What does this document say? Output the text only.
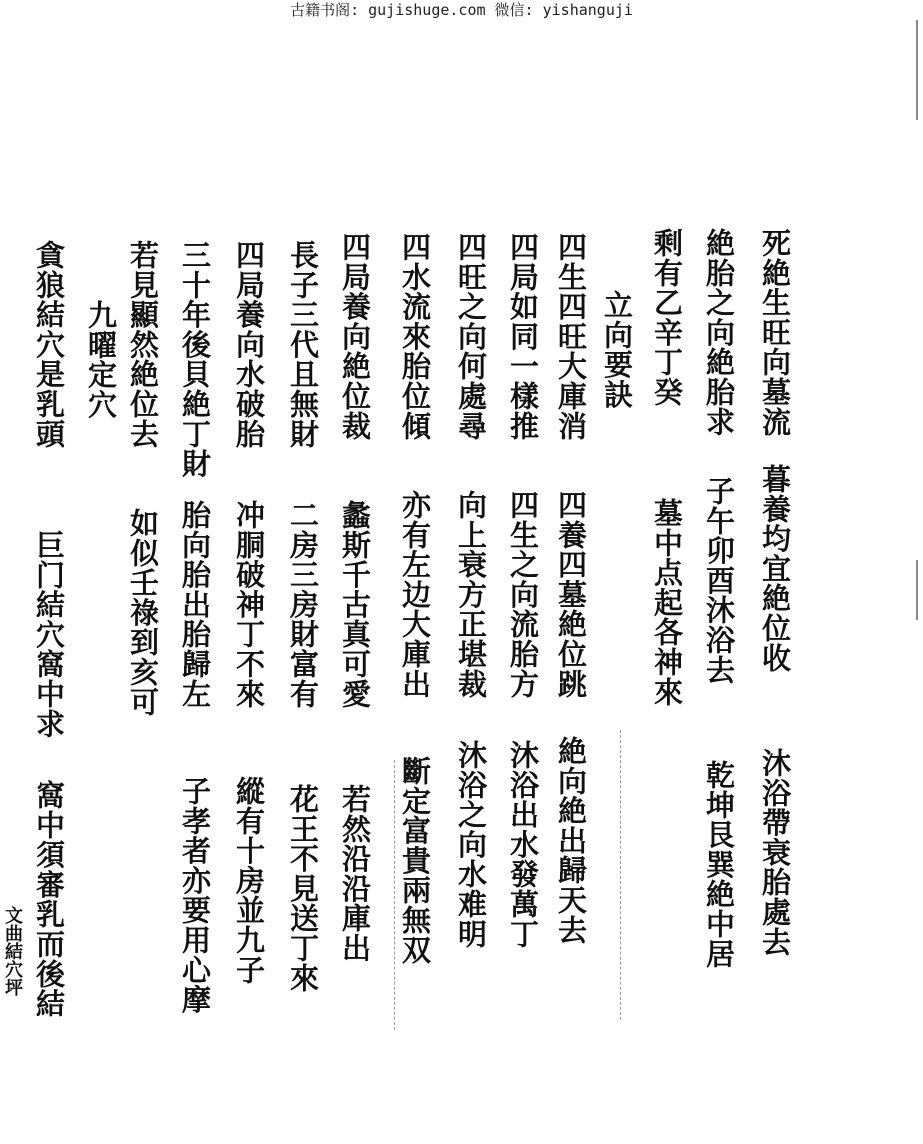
古籍书阁: gujishuge.com 微信: yishanguji
死絶生旺向墓流
絶胎之向絶胎求
剩有乙辛丁癸
立向要訣
四生四旺大庫消
四局如同一樣推
四旺之向何處尋
四水流來胎位傾
四局養向絶位裁
長子三代且無財
四局養向水破胎
三十年後貝絶丁財
若見顯然絶位去
九曜定穴
貪狼結穴是乳頭
暮養均宜絶位收
子午卯酉沐浴去
墓中点起各神來
四養四墓絶位跳
四生之向流胎方
向上衰方正堪裁
亦有左边大庫出
蠡斯千古真可愛
二房三房財富有
冲胴破神丁不來
胎向胎出胎歸左
如似壬祿到亥可
巨门結穴窩中求
沐浴帶衰胎處去
乾坤艮巽絶中居
絶向絶出歸天去
沐浴出水發萬丁
沐浴之向水难明
斷定富貴兩無双
若然沿沿庫出
花王不見送丁來
縱有十房並九子
子孝者亦要用心摩
窩中須審乳而後結
文曲結穴坪
